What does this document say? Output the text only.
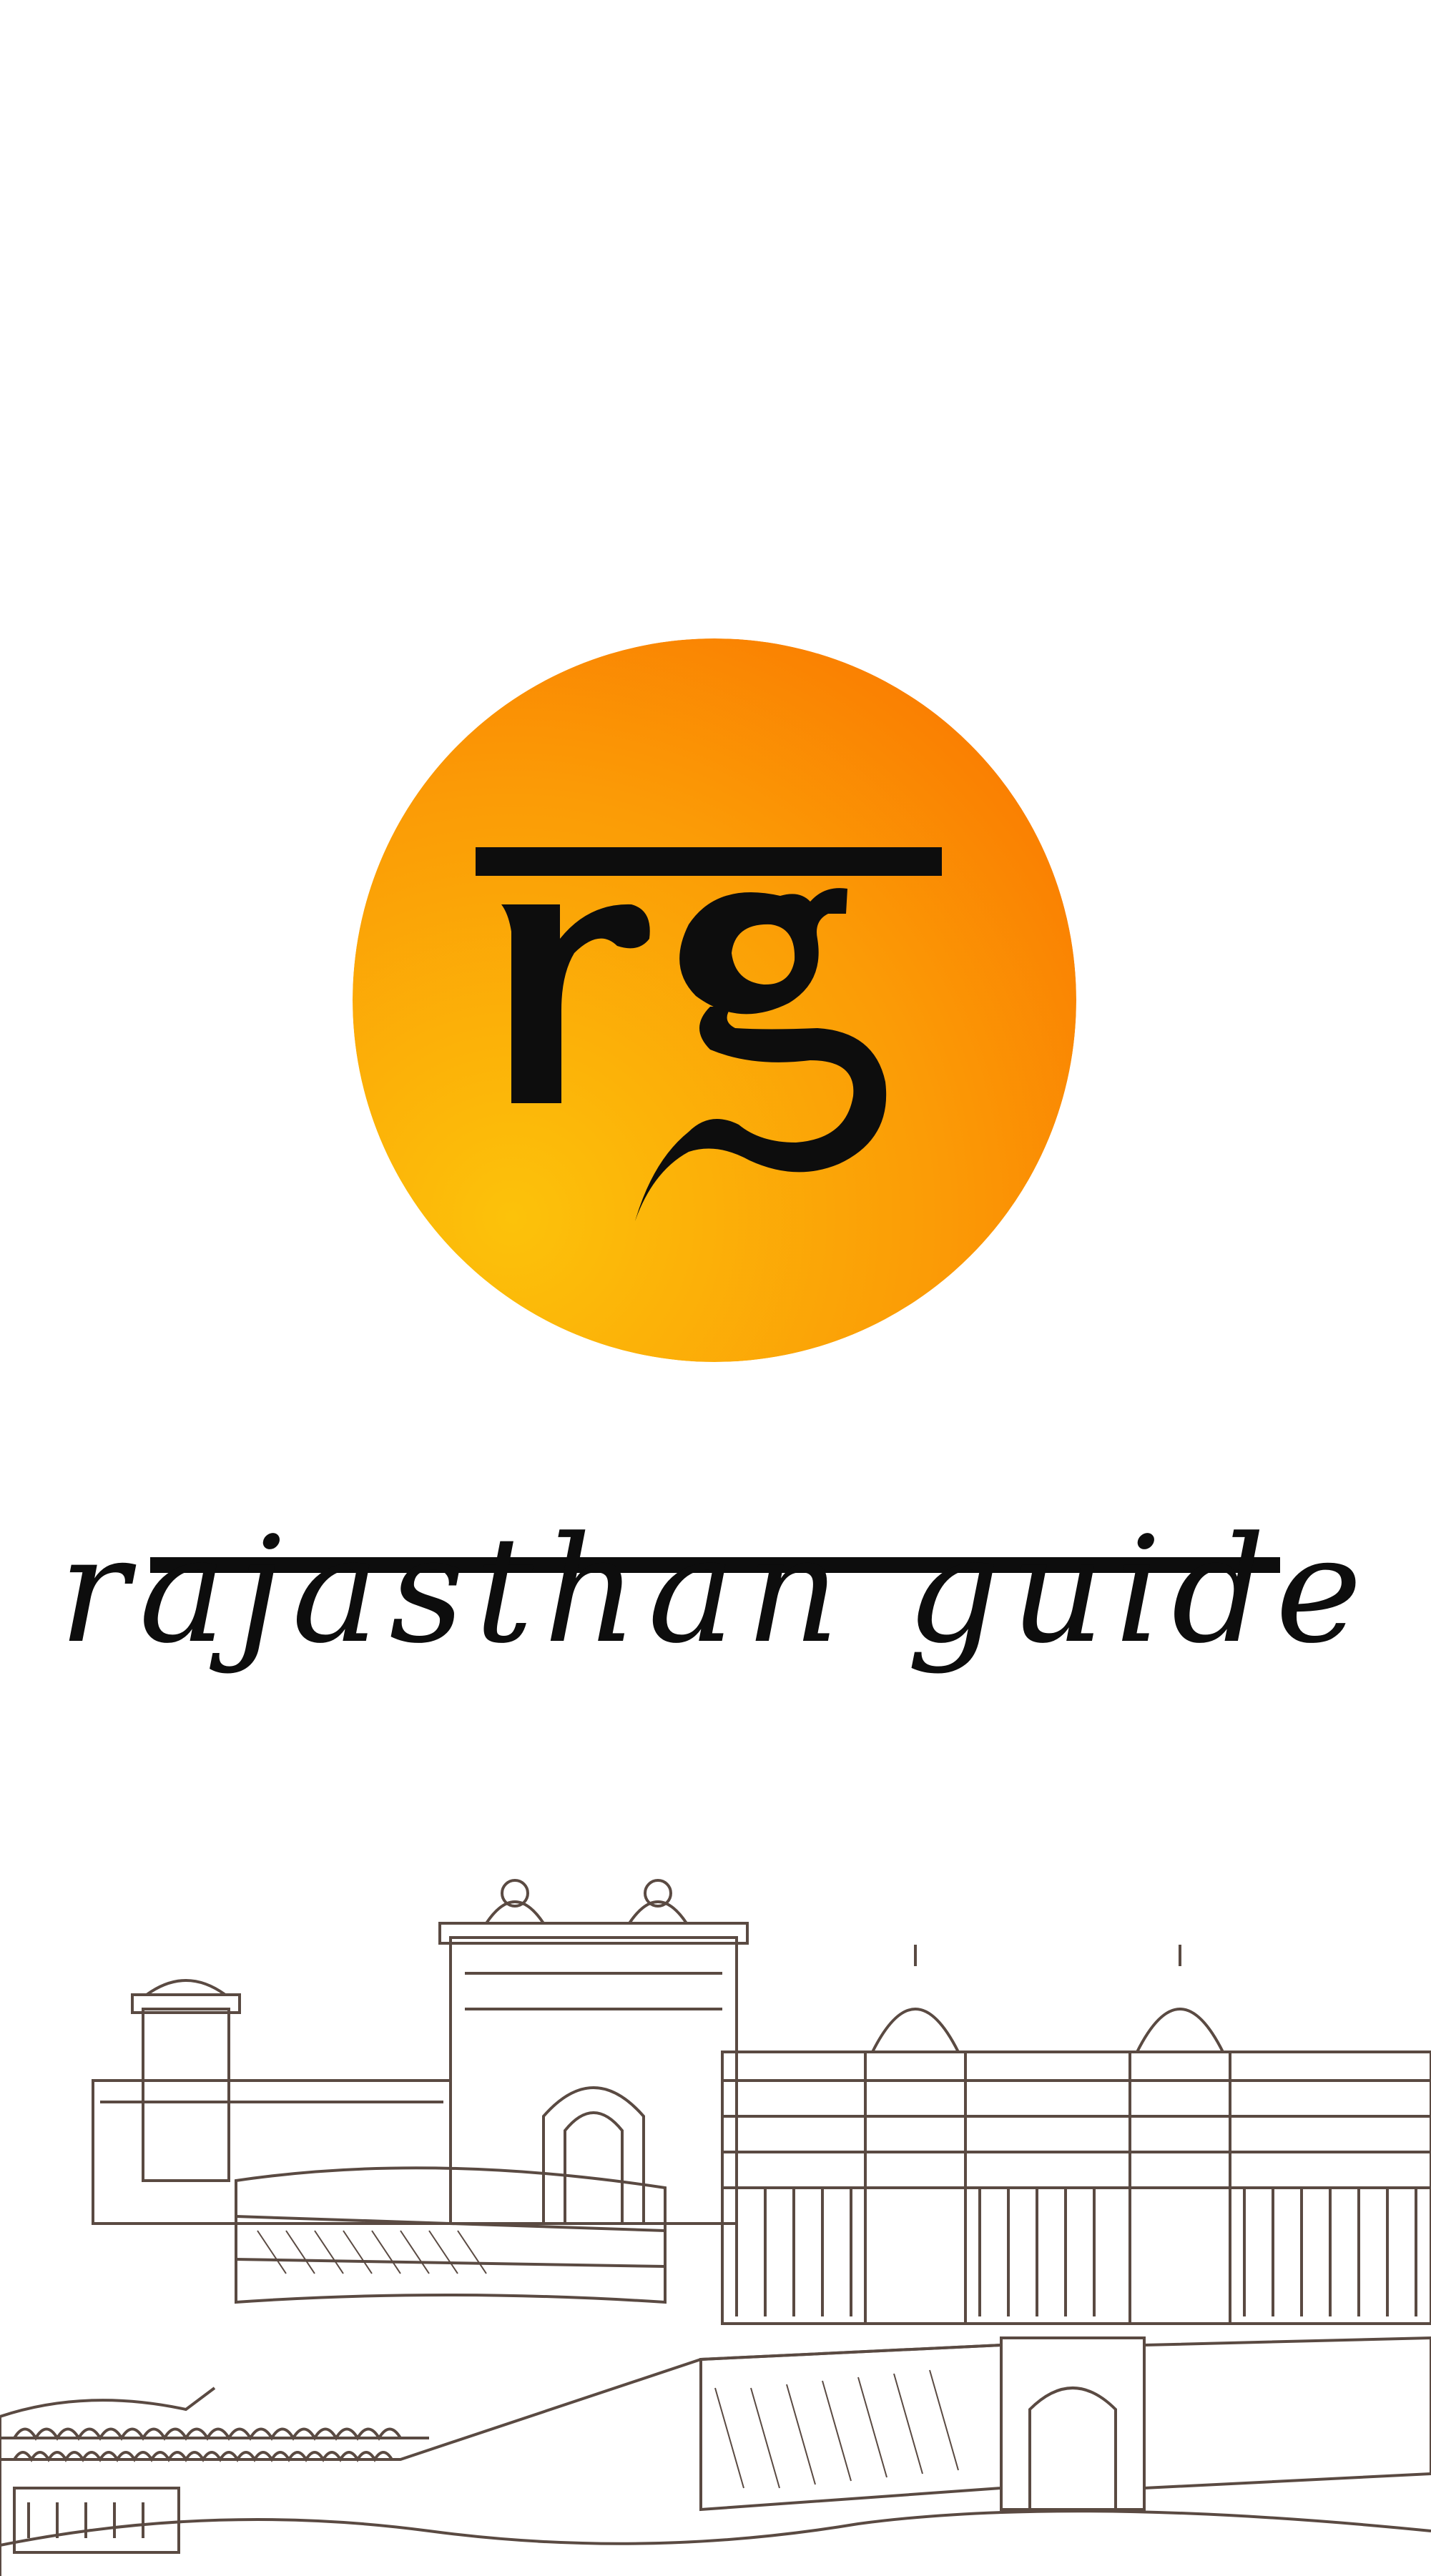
rajasthan guide
